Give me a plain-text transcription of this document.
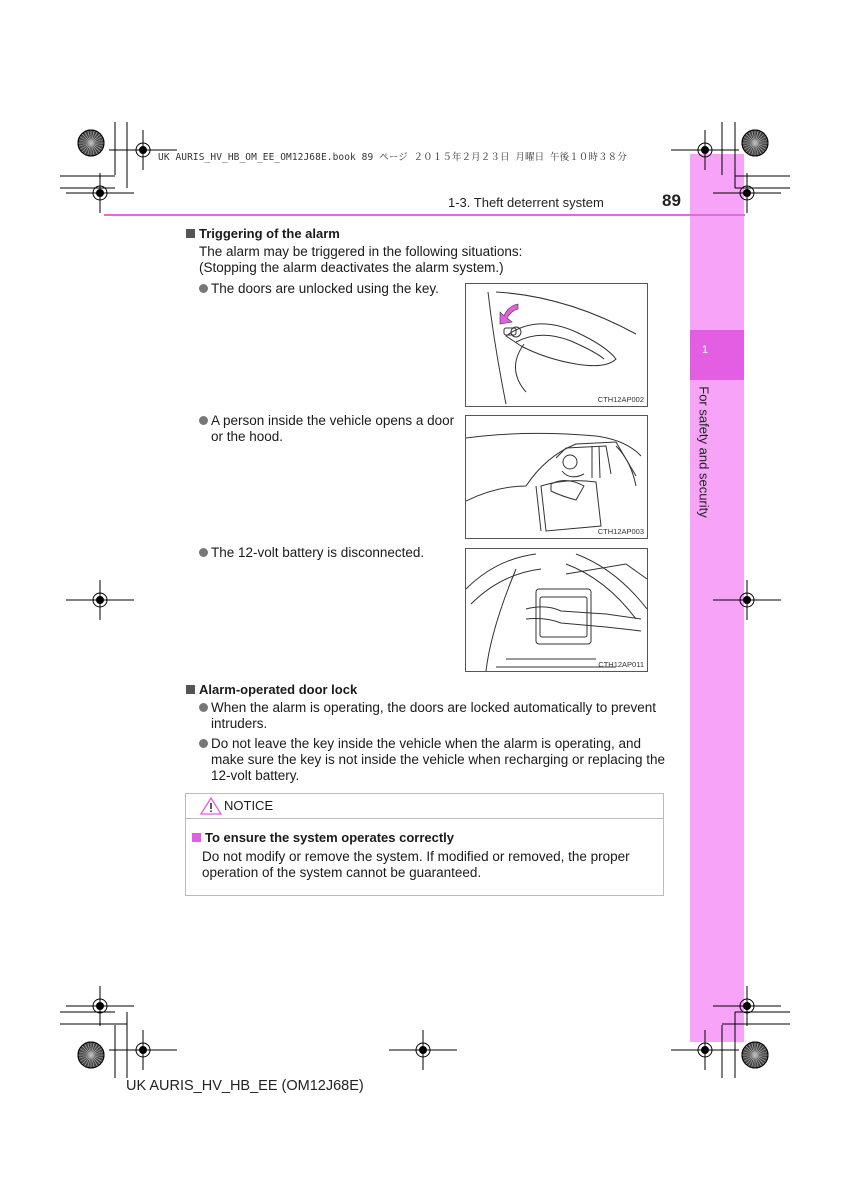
1
For safety and security
UK AURIS_HV_HB_OM_EE_OM12J68E.book 89 ページ ２０１５年２月２３日 月曜日 午後１０時３８分
1-3. Theft deterrent system	89
Triggering of the alarm
The alarm may be triggered in the following situations:
(Stopping the alarm deactivates the alarm system.)
The doors are unlocked using the key.
A person inside the vehicle opens a door
or the hood.
The 12-volt battery is disconnected.
CTH12AP002
CTH12AP003
CTH12AP011
Alarm-operated door lock
When the alarm is operating, the doors are locked automatically to prevent
intruders.
Do not leave the key inside the vehicle when the alarm is operating, and
make sure the key is not inside the vehicle when recharging or replacing the
12-volt battery.
NOTICE
To ensure the system operates correctly
Do not modify or remove the system. If modified or removed, the proper
operation of the system cannot be guaranteed.
UK AURIS_HV_HB_EE (OM12J68E)
